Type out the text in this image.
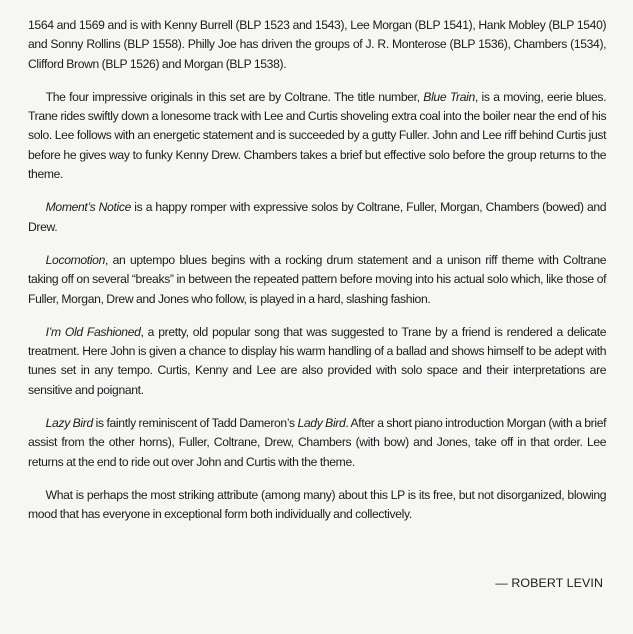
1564 and 1569 and is with Kenny Burrell (BLP 1523 and 1543), Lee Morgan (BLP 1541), Hank Mobley (BLP 1540) and Sonny Rollins (BLP 1558). Philly Joe has driven the groups of J. R. Monterose (BLP 1536), Chambers (1534), Clifford Brown (BLP 1526) and Morgan (BLP 1538).

The four impressive originals in this set are by Coltrane. The title number, Blue Train, is a moving, eerie blues. Trane rides swiftly down a lonesome track with Lee and Curtis shoveling extra coal into the boiler near the end of his solo. Lee follows with an energetic statement and is succeeded by a gutty Fuller. John and Lee riff behind Curtis just before he gives way to funky Kenny Drew. Chambers takes a brief but effective solo before the group returns to the theme.

Moment’s Notice is a happy romper with expressive solos by Coltrane, Fuller, Morgan, Chambers (bowed) and Drew.

Locomotion, an uptempo blues begins with a rocking drum statement and a unison riff theme with Coltrane taking off on several “breaks” in between the repeated pattern before moving into his actual solo which, like those of Fuller, Morgan, Drew and Jones who follow, is played in a hard, slashing fashion.

I’m Old Fashioned, a pretty, old popular song that was suggested to Trane by a friend is rendered a delicate treatment. Here John is given a chance to display his warm handling of a ballad and shows himself to be adept with tunes set in any tempo. Curtis, Kenny and Lee are also provided with solo space and their interpretations are sensitive and poignant.

Lazy Bird is faintly reminiscent of Tadd Dameron’s Lady Bird. After a short piano introduction Morgan (with a brief assist from the other horns), Fuller, Coltrane, Drew, Chambers (with bow) and Jones, take off in that order. Lee returns at the end to ride out over John and Curtis with the theme.

What is perhaps the most striking attribute (among many) about this LP is its free, but not disorganized, blowing mood that has everyone in exceptional form both individually and collectively.

— ROBERT LEVIN
